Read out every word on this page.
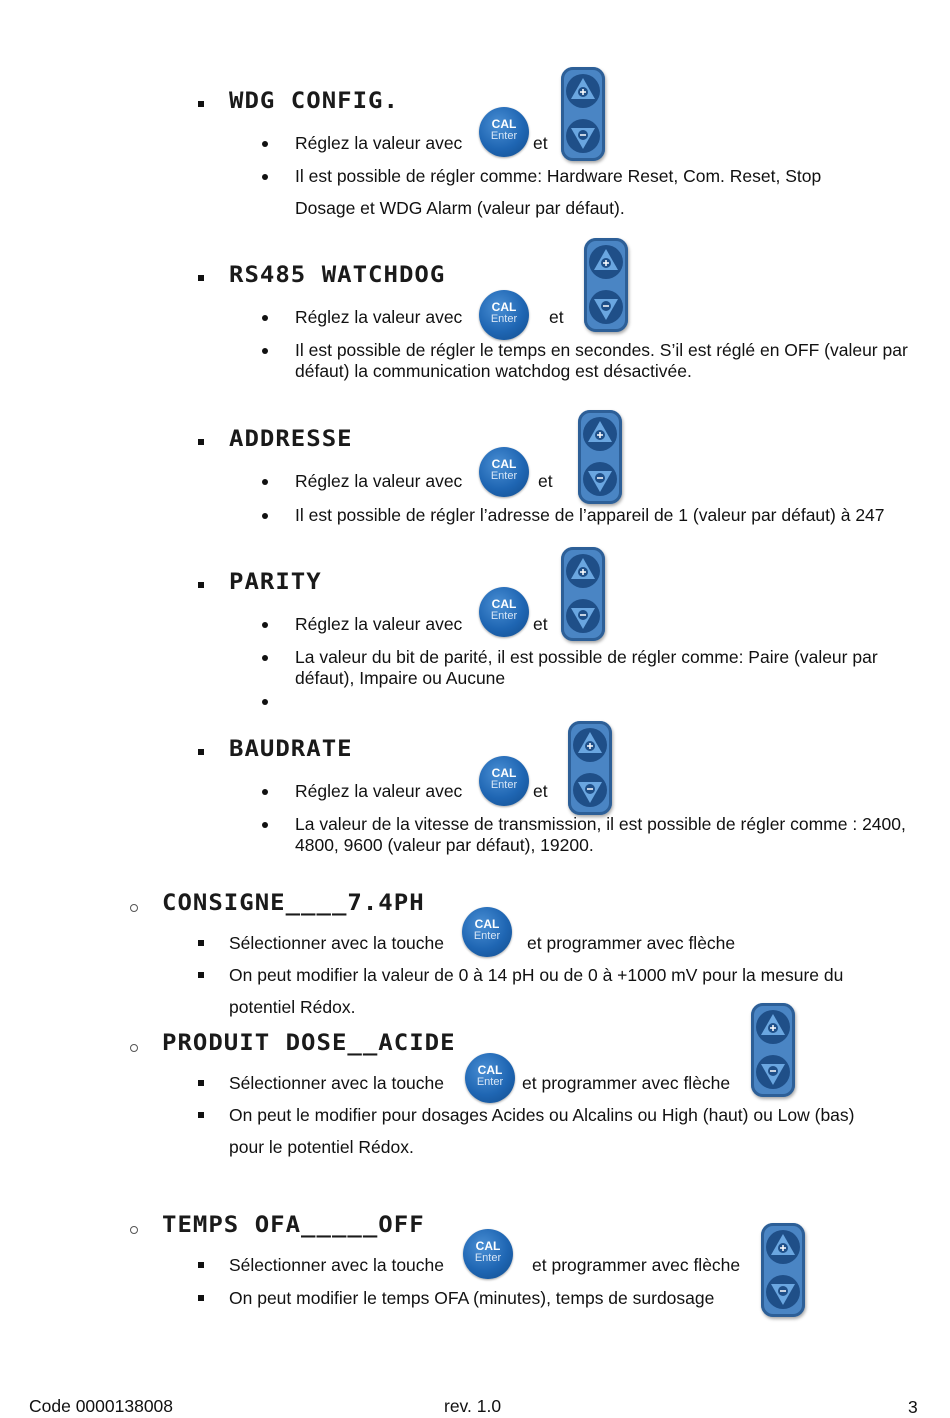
WDG CONFIG.
Réglez la valeur avec
CAL
Enter et
Il est possible de régler comme: Hardware Reset, Com. Reset, Stop
Dosage et WDG Alarm (valeur par défaut).
RS485 WATCHDOG
Réglez la valeur avec	CAL
Enter	et
Il est possible de régler le temps en secondes. S’il est réglé en OFF (valeur par défaut) la communication watchdog est désactivée.
ADDRESSE
Réglez la valeur avec
CAL
Enter	et
Il est possible de régler l’adresse de l’appareil de 1 (valeur par défaut) à 247
PARITY
Réglez la valeur avec
CAL
Enter et
La valeur du bit de parité, il est possible de régler comme: Paire (valeur par défaut), Impaire ou Aucune
BAUDRATE
Réglez la valeur avec
CAL
Enter et
La valeur de la vitesse de transmission, il est possible de régler comme : 2400, 4800, 9600 (valeur par défaut), 19200.
CONSIGNE____7.4PH
Sélectionner avec la touche
CAL
Enter	et programmer avec flèche
On peut modifier la valeur de 0 à 14 pH ou de 0 à +1000 mV pour la mesure du
potentiel Rédox.
PRODUIT DOSE__ACIDE
Sélectionner avec la touche
CAL
Enter	et programmer avec flèche
On peut le modifier pour dosages Acides ou Alcalins ou High (haut) ou Low (bas)
pour le potentiel Rédox.
TEMPS OFA_____OFF
Sélectionner avec la touche
CAL
Enter	et programmer avec flèche
On peut modifier le temps OFA (minutes), temps de surdosage
Code 0000138008	rev. 1.0	3
